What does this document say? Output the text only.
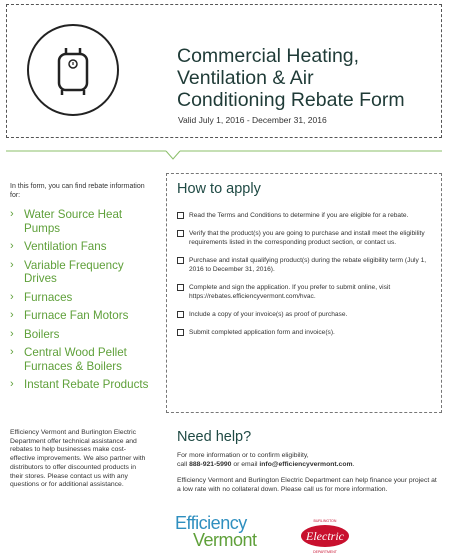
Commercial Heating,
Ventilation & Air
Conditioning Rebate Form
Valid July 1, 2016 - December 31, 2016

In this form, you can find rebate information for:

› Water Source Heat Pumps
› Ventilation Fans
› Variable Frequency Drives
› Furnaces
› Furnace Fan Motors
› Boilers
› Central Wood Pellet Furnaces & Boilers
› Instant Rebate Products
Efficiency Vermont and Burlington Electric Department offer technical assistance and rebates to help businesses make cost-effective improvements. We also partner with distributors to offer discounted products in their stores. Please contact us with any questions or for additional assistance.
How to apply
Read the Terms and Conditions to determine if you are eligible for a rebate.
Verify that the product(s) you are going to purchase and install meet the eligibility requirements listed in the corresponding product section, or contact us.
Purchase and install qualifying product(s) during the rebate eligibility term (July 1, 2016 to December 31, 2016).
Complete and sign the application. If you prefer to submit online, visit https://rebates.efficiencyvermont.com/hvac.
Include a copy of your invoice(s) as proof of purchase.
Submit completed application form and invoice(s).
Need help?
For more information or to confirm eligibility,
call 888-921-5990 or email info@efficiencyvermont.com.
Efficiency Vermont and Burlington Electric Department can help finance your project at a low rate with no collateral down. Please call us for more information.
Efficiency
Vermont
BURLINGTON
Electric
DEPARTMENT
